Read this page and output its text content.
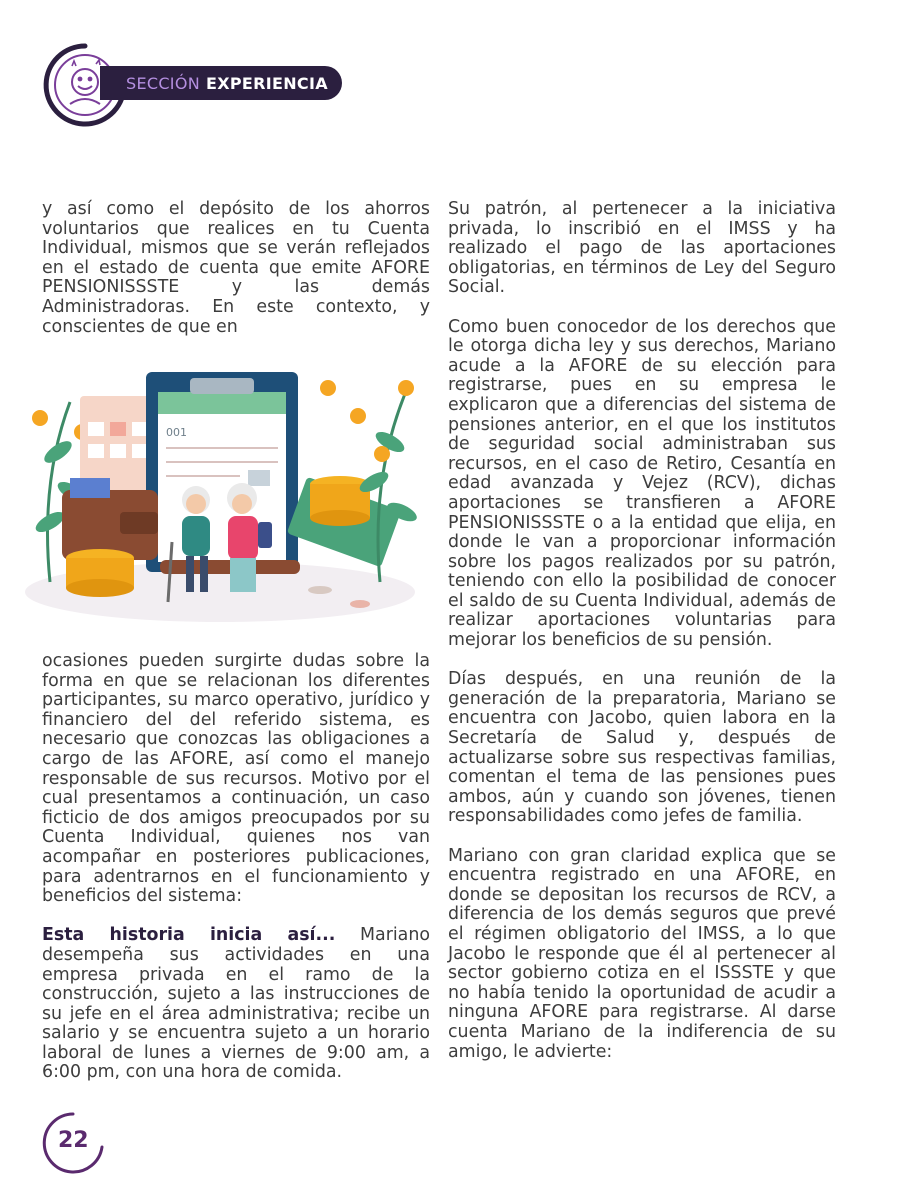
SECCIÓN EXPERIENCIA

y así como el depósito de los ahorros voluntarios que realices en tu Cuenta Individual, mismos que se verán reflejados en el estado de cuenta que emite AFORE PENSIONISSSTE y las demás Administradoras. En este contexto, y conscientes de que en

001

ocasiones pueden surgirte dudas sobre la forma en que se relacionan los diferentes participantes, su marco operativo, jurídico y financiero del del referido sistema, es necesario que conozcas las obligaciones a cargo de las AFORE, así como el manejo responsable de sus recursos. Motivo por el cual presentamos a continuación, un caso ficticio de dos amigos preocupados por su Cuenta Individual, quienes nos van acompañar en posteriores publicaciones, para adentrarnos en el funcionamiento y beneficios del sistema:

Esta historia inicia así... Mariano desempeña sus actividades en una empresa privada en el ramo de la construcción, sujeto a las instrucciones de su jefe en el área administrativa; recibe un salario y se encuentra sujeto a un horario laboral de lunes a viernes de 9:00 am, a 6:00 pm, con una hora de comida.

Su patrón, al pertenecer a la iniciativa privada, lo inscribió en el IMSS y ha realizado el pago de las aportaciones obligatorias, en términos de Ley del Seguro Social.

Como buen conocedor de los derechos que le otorga dicha ley y sus derechos, Mariano acude a la AFORE de su elección para registrarse, pues en su empresa le explicaron que a diferencias del sistema de pensiones anterior, en el que los institutos de seguridad social administraban sus recursos, en el caso de Retiro, Cesantía en edad avanzada y Vejez (RCV), dichas aportaciones se transfieren a AFORE PENSIONISSSTE o a la entidad que elija, en donde le van a proporcionar información sobre los pagos realizados por su patrón, teniendo con ello la posibilidad de conocer el saldo de su Cuenta Individual, además de realizar aportaciones voluntarias para mejorar los beneficios de su pensión.

Días después, en una reunión de la generación de la preparatoria, Mariano se encuentra con Jacobo, quien labora en la Secretaría de Salud y, después de actualizarse sobre sus respectivas familias, comentan el tema de las pensiones pues ambos, aún y cuando son jóvenes, tienen responsabilidades como jefes de familia.

Mariano con gran claridad explica que se encuentra registrado en una AFORE, en donde se depositan los recursos de RCV, a diferencia de los demás seguros que prevé el régimen obligatorio del IMSS, a lo que Jacobo le responde que él al pertenecer al sector gobierno cotiza en el ISSSTE y que no había tenido la oportunidad de acudir a ninguna AFORE para registrarse. Al darse cuenta Mariano de la indiferencia de su amigo, le advierte:

22
